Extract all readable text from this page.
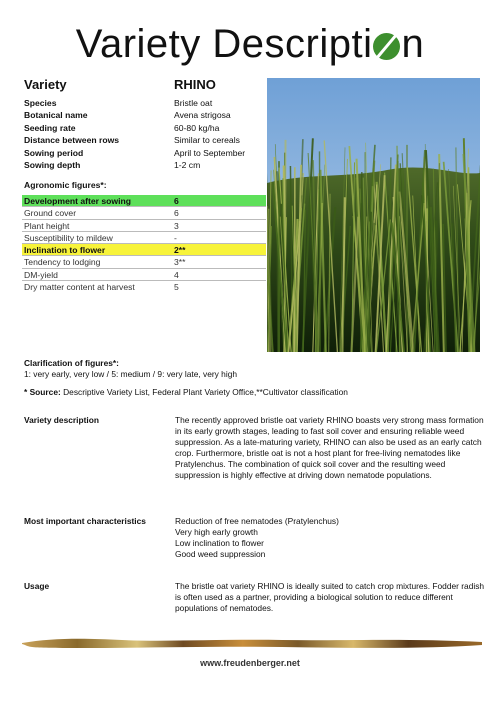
Variety Descripti n
Variety	RHINO
Species	Bristle oat
Botanical name	Avena strigosa
Seeding rate	60-80 kg/ha
Distance between rows	Similar to cereals
Sowing period	April to September
Sowing depth	1-2 cm
Agronomic figures*:
Development after sowing	6
Ground cover	6
Plant height	3
Susceptibility to mildew	-
Inclination to flower	2**
Tendency to lodging	3**
DM-yield	4
Dry matter content at harvest	5
Clarification of figures*:
1: very early, very low / 5: medium / 9: very late, very high
* Source: Descriptive Variety List, Federal Plant Variety Office,**Cultivator classification
Variety description	The recently approved bristle oat variety RHINO boasts very strong mass formation in its early growth stages, leading to fast soil cover and ensuring reliable weed suppression. As a late-maturing variety, RHINO can also be used as an early catch crop. Furthermore, bristle oat is not a host plant for free-living nematodes like Pratylenchus. The combination of quick soil cover and the resulting weed suppression is highly effective at driving down nematode populations.
Most important characteristics	Reduction of free nematodes (Pratylenchus)
Very high early growth
Low inclination to flower
Good weed suppression
Usage	The bristle oat variety RHINO is ideally suited to catch crop mixtures. Fodder radish is often used as a partner, providing a biological solution to reduce different populations of nematodes.
www.freudenberger.net
